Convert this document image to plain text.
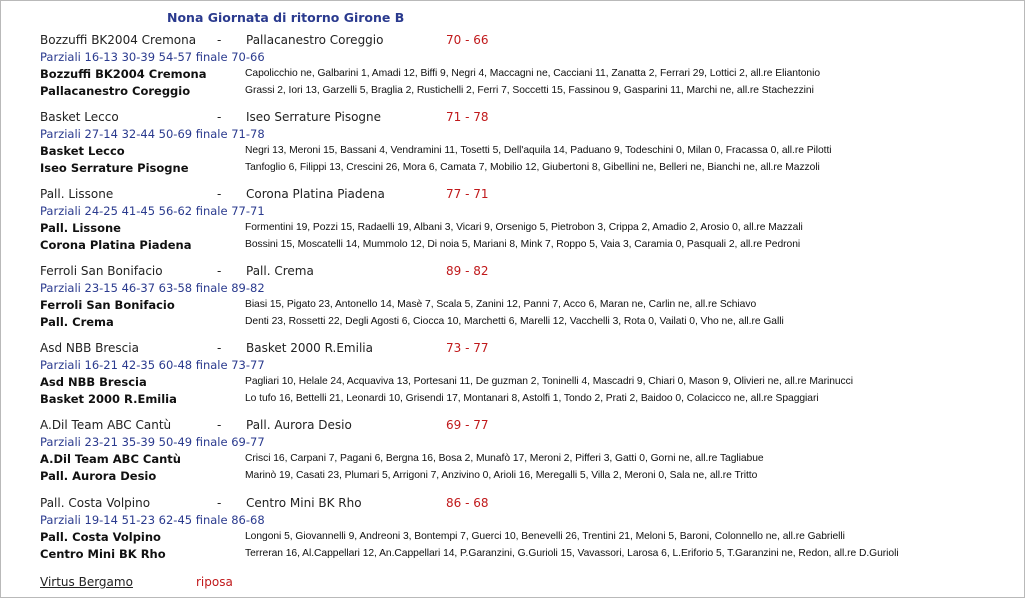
Nona Giornata di ritorno Girone B
Bozzuffi BK2004 Cremona - Pallacanestro Coreggio	70 - 66
Parziali 16-13 30-39 54-57 finale 70-66
Bozzuffi BK2004 Cremona	Capolicchio ne, Galbarini 1, Amadi 12, Biffi 9, Negri 4, Maccagni ne, Cacciani 11, Zanatta 2, Ferrari 29, Lottici 2, all.re Eliantonio
Pallacanestro Coreggio	Grassi 2, Iori 13, Garzelli 5, Braglia 2, Rustichelli 2, Ferri 7, Soccetti 15, Fassinou 9, Gasparini 11, Marchi ne, all.re Stachezzini
Basket Lecco	- Iseo Serrature Pisogne	71 - 78
Parziali 27-14 32-44 50-69 finale 71-78
Basket Lecco	Negri 13, Meroni 15, Bassani 4, Vendramini 11, Tosetti 5, Dell'aquila 14, Paduano 9, Todeschini 0, Milan 0, Fracassa 0, all.re Pilotti
Iseo Serrature Pisogne	Tanfoglio 6, Filippi 13, Crescini 26, Mora 6, Camata 7, Mobilio 12, Giubertoni 8, Gibellini ne, Belleri ne, Bianchi ne, all.re Mazzoli
Pall. Lissone	- Corona Platina Piadena	77 - 71
Parziali 24-25 41-45 56-62 finale 77-71
Pall. Lissone	Formentini 19, Pozzi 15, Radaelli 19, Albani 3, Vicari 9, Orsenigo 5, Pietrobon 3, Crippa 2, Amadio 2, Arosio 0, all.re Mazzali
Corona Platina Piadena	Bossini 15, Moscatelli 14, Mummolo 12, Di noia 5, Mariani 8, Mink 7, Roppo 5, Vaia 3, Caramia 0, Pasquali 2, all.re Pedroni
Ferroli San Bonifacio	- Pall. Crema	89 - 82
Parziali 23-15 46-37 63-58 finale 89-82
Ferroli San Bonifacio	Biasi 15, Pigato 23, Antonello 14, Masè 7, Scala 5, Zanini 12, Panni 7, Acco 6, Maran ne, Carlin ne, all.re Schiavo
Pall. Crema	Denti 23, Rossetti 22, Degli Agosti 6, Ciocca 10, Marchetti 6, Marelli 12, Vacchelli 3, Rota 0, Vailati 0, Vho ne, all.re Galli
Asd NBB Brescia	- Basket 2000 R.Emilia	73 - 77
Parziali 16-21 42-35 60-48 finale 73-77
Asd NBB Brescia	Pagliari 10, Helale 24, Acquaviva 13, Portesani 11, De guzman 2, Toninelli 4, Mascadri 9, Chiari 0, Mason 9, Olivieri ne, all.re Marinucci
Basket 2000 R.Emilia	Lo tufo 16, Bettelli 21, Leonardi 10, Grisendi 17, Montanari 8, Astolfi 1, Tondo 2, Prati 2, Baidoo 0, Colacicco ne, all.re Spaggiari
A.Dil Team ABC Cantù	- Pall. Aurora Desio	69 - 77
Parziali 23-21 35-39 50-49 finale 69-77
A.Dil Team ABC Cantù	Crisci 16, Carpani 7, Pagani 6, Bergna 16, Bosa 2, Munafò 17, Meroni 2, Pifferi 3, Gatti 0, Gorni ne, all.re Tagliabue
Pall. Aurora Desio	Marinò 19, Casati 23, Plumari 5, Arrigoni 7, Anzivino 0, Arioli 16, Meregalli 5, Villa 2, Meroni 0, Sala ne, all.re Tritto
Pall. Costa Volpino	- Centro Mini BK Rho	86 - 68
Parziali 19-14 51-23 62-45 finale 86-68
Pall. Costa Volpino	Longoni 5, Giovannelli 9, Andreoni 3, Bontempi 7, Guerci 10, Benevelli 26, Trentini 21, Meloni 5, Baroni, Colonnello ne, all.re Gabrielli
Centro Mini BK Rho	Terreran 16, Al.Cappellari 12, An.Cappellari 14, P.Garanzini, G.Gurioli 15, Vavassori, Larosa 6, L.Eriforio 5, T.Garanzini ne, Redon, all.re D.Gurioli
Virtus Bergamo	riposa
